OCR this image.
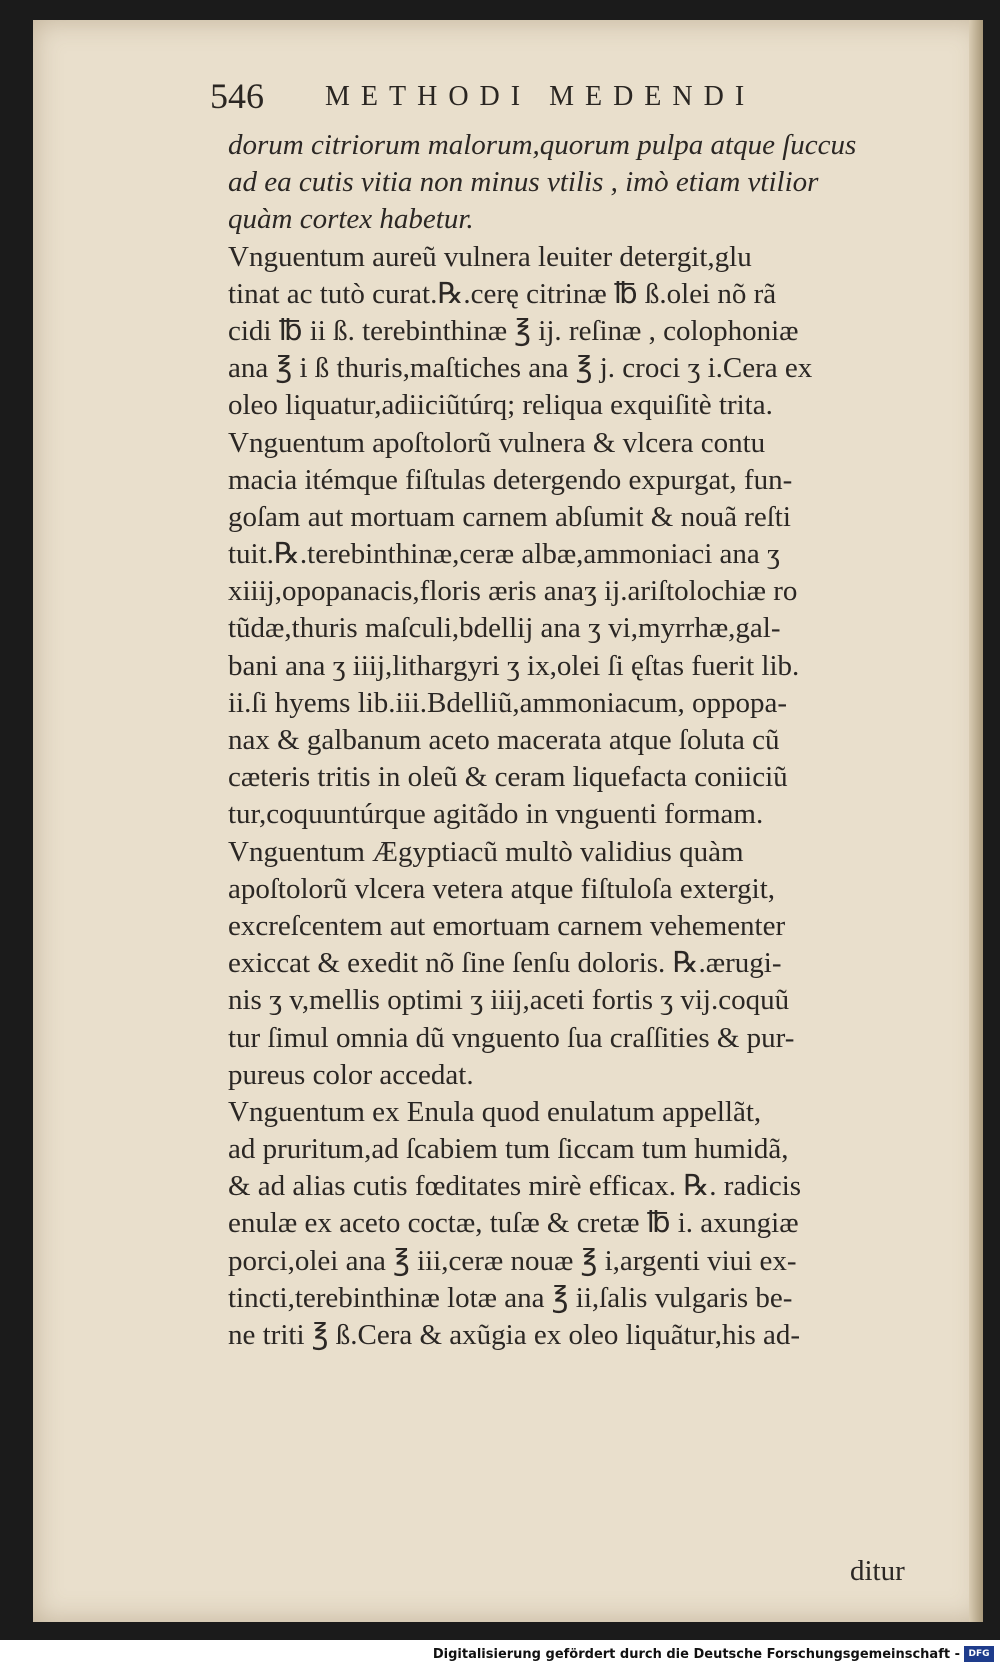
546 METHODI MEDENDI
dorum citriorum malorum,quorum pulpa atque ſuccus
ad ea cutis vitia non minus vtilis , imò etiam vtilior
quàm cortex habetur.
Vnguentum aureũ vulnera leuiter detergit,glu
tinat ac tutò curat.℞.cerę citrinæ ℔ ß.olei nõ rã
cidi ℔ ii ß. terebinthinæ ℥ ij. reſinæ , colophoniæ
ana ℥ i ß thuris,maſtiches ana ℥ j. croci ʒ i.Cera ex
oleo liquatur,adiiciũtúrq; reliqua exquiſitè trita.
Vnguentum apoſtolorũ vulnera & vlcera contu
macia itémque fiſtulas detergendo expurgat, fun-
goſam aut mortuam carnem abſumit & nouã reſti
tuit.℞.terebinthinæ,ceræ albæ,ammoniaci ana ʒ
xiiij,opopanacis,floris æris anaʒ ij.ariſtolochiæ ro
tũdæ,thuris maſculi,bdellij ana ʒ vi,myrrhæ,gal-
bani ana ʒ iiij,lithargyri ʒ ix,olei ſi ęſtas fuerit lib.
ii.ſi hyems lib.iii.Bdelliũ,ammoniacum, oppopa-
nax & galbanum aceto macerata atque ſoluta cũ
cæteris tritis in oleũ & ceram liquefacta coniiciũ
tur,coquuntúrque agitãdo in vnguenti formam.
Vnguentum Ægyptiacũ multò validius quàm
apoſtolorũ vlcera vetera atque fiſtuloſa extergit,
excreſcentem aut emortuam carnem vehementer
exiccat & exedit nõ ſine ſenſu doloris. ℞.ærugi-
nis ʒ v,mellis optimi ʒ iiij,aceti fortis ʒ vij.coquũ
tur ſimul omnia dũ vnguento ſua craſſities & pur-
pureus color accedat.
Vnguentum ex Enula quod enulatum appellãt,
ad pruritum,ad ſcabiem tum ſiccam tum humidã,
& ad alias cutis fœditates mirè efficax. ℞. radicis
enulæ ex aceto coctæ, tuſæ & cretæ ℔ i. axungiæ
porci,olei ana ℥ iii,ceræ nouæ ℥ i,argenti viui ex-
tincti,terebinthinæ lotæ ana ℥ ii,ſalis vulgaris be-
ne triti ℥ ß.Cera & axũgia ex oleo liquãtur,his ad-
ditur
Digitalisierung gefördert durch die Deutsche Forschungsgemeinschaft - DFG
